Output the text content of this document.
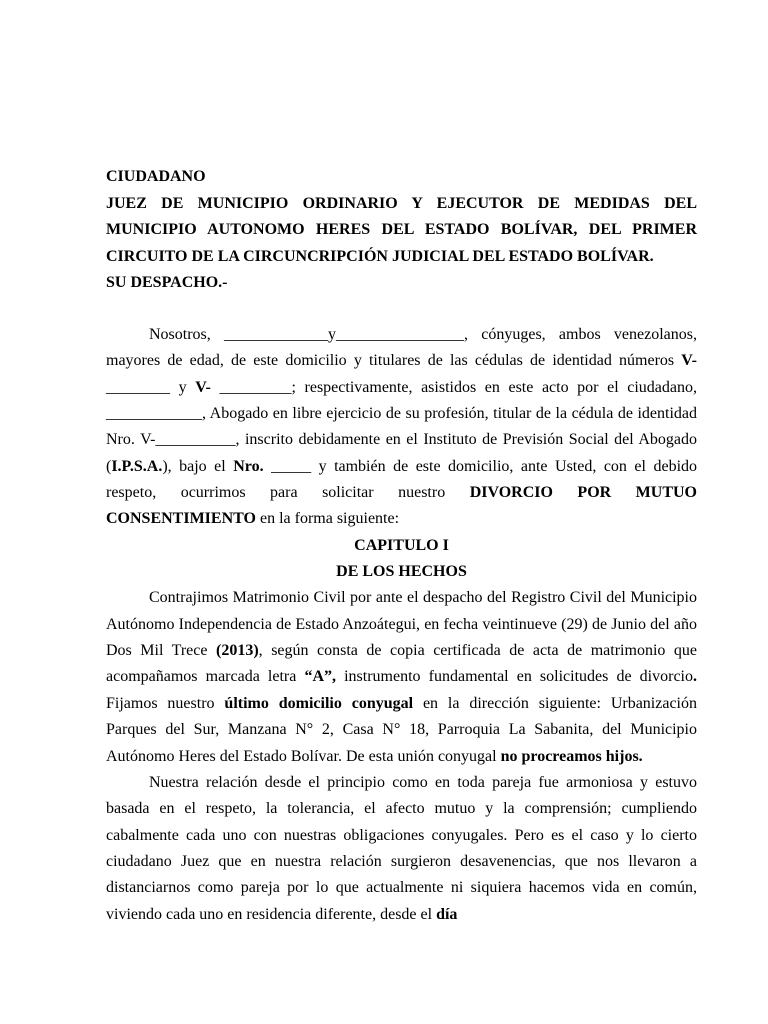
CIUDADANO

JUEZ DE MUNICIPIO ORDINARIO Y EJECUTOR DE MEDIDAS DEL MUNICIPIO AUTONOMO HERES DEL ESTADO BOLÍVAR, DEL PRIMER CIRCUITO DE LA CIRCUNCRIPCIÓN JUDICIAL DEL ESTADO BOLÍVAR.

SU DESPACHO.-

Nosotros, _____________y________________, cónyuges, ambos venezolanos, mayores de edad, de este domicilio y titulares de las cédulas de identidad números V- ________ y V- _________; respectivamente, asistidos en este acto por el ciudadano, ____________, Abogado en libre ejercicio de su profesión, titular de la cédula de identidad Nro. V-__________, inscrito debidamente en el Instituto de Previsión Social del Abogado (I.P.S.A.), bajo el Nro. _____ y también de este domicilio, ante Usted, con el debido respeto, ocurrimos para solicitar nuestro DIVORCIO POR MUTUO CONSENTIMIENTO en la forma siguiente:

CAPITULO I

DE LOS HECHOS

Contrajimos Matrimonio Civil por ante el despacho del Registro Civil del Municipio Autónomo Independencia de Estado Anzoátegui, en fecha veintinueve (29) de Junio del año Dos Mil Trece (2013), según consta de copia certificada de acta de matrimonio que acompañamos marcada letra “A”, instrumento fundamental en solicitudes de divorcio. Fijamos nuestro último domicilio conyugal en la dirección siguiente: Urbanización Parques del Sur, Manzana N° 2, Casa N° 18, Parroquia La Sabanita, del Municipio Autónomo Heres del Estado Bolívar. De esta unión conyugal no procreamos hijos.

Nuestra relación desde el principio como en toda pareja fue armoniosa y estuvo basada en el respeto, la tolerancia, el afecto mutuo y la comprensión; cumpliendo cabalmente cada uno con nuestras obligaciones conyugales. Pero es el caso y lo cierto ciudadano Juez que en nuestra relación surgieron desavenencias, que nos llevaron a distanciarnos como pareja por lo que actualmente ni siquiera hacemos vida en común, viviendo cada uno en residencia diferente, desde el día
